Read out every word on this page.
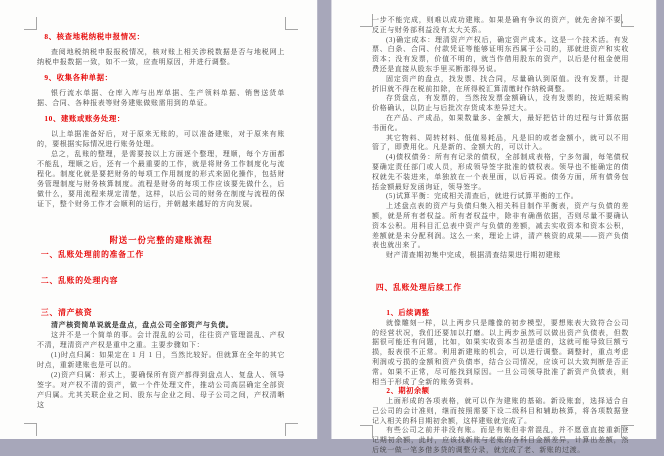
8、核查地税纳税申报情况：
查阅地税纳税申报报税情况，核对账上相关涉税数据是否与地税网上纳税申报数据一致，如不一致，应查明原因，并进行调整。
9、收集各种单据：
银行流水单据、仓库入库与出库单据、生产领料单据、销售送货单据、合同、各种报表等财务建账做账需用到的单证。
10、建账或账务处理：
以上单据准备好后，对于原来无账的，可以准备建账，对于原来有账的，要根据实际情况进行账务处理。
总之，乱账的整理，是需要按以上方面逐个整理，理顺，每个方面都不能乱，理顺之后，还有一个最重要的工作，就是将财务工作制度化与流程化。制度化就是要把财务的每项工作用制度的形式来固化操作，包括财务管理制度与财务核算制度。流程是财务的每项工作应该要先做什么，后做什么，要用流程来规定清楚，这样，以后公司的财务在制度与流程的保证下，整个财务工作才会顺利的运行，并朝越来越好的方向发展。
附送一份完整的建账流程
一、乱账处理前的准备工作
二、乱账的处理内容
三、清产核资
清产核资简单说就是盘点，盘点公司全部资产与负债。
这并不是一个简单的事。会计混乱的公司，往往资产管理混乱、产权不清，理清资产产权是重中之重。主要步骤如下：
(1)时点归属：如果定在 1 月 1 日，当然比较好。但就算在全年的其它时点，重新建账也是可以的。
(2)资产归属：形式上，要确保所有资产都得到盘点人、复盘人、领导签字。对产权不清的资产，做一个件处理文件，推动公司高层确定全部资产归属。尤其关联企业之间、股东与企业之间、母子公司之间，产权清晰这
一步不能完成，则难以成功建账。如果是确有争议的资产，就先舍掉不要，反正与财务部利益没有太大关系。
(3)确定成本：理清资产产权后，确定资产成本。这是一个技术活。有发票、白条、合同、付款凭证等能够证明东西属于公司的，那就进资产和实收资本；没有发票，价值不明的，就当作借用股东的资产，以后是付租金使用费还是直接从股东手里买断那得另说。
固定资产的盘点，找发票、找合同，尽量确认到原值。没有发票，计提折旧就不得在税前扣除，在所得税汇算清缴时作纳税调整。
存货盘点，有发票的，当然按发票金额确认，没有发票的，按近期采购价格确认，以防止与后批次存货成本差异过大。
在产品、产成品，如果数量多、金额大，最好把估计的过程与计算依据书面化。
其它物料、周转材料、低值易耗品，凡是旧的或者金额小，就可以不用管了，即费用化。凡是新的、金额大的，可以计入。
(4)债权债务：所有有记录的债权，全部制成表格，宁多勿漏，每笔债权要确定责任部门或人员，形成领导签字批准的债权表。领导也不能确定的债权就先不装进来，单独放在一个表里面，以后再说。债务方面，所有债务包括金额最好发函询证，领导签字。
(5)试算平衡：完成相关清查后，就进行试算平衡的工作。
上述盘点表的资产与负债归集入相关科目制作平衡表，资产与负债的差额，就是所有者权益。所有者权益中，除非有确凿依据，否则尽量不要确认资本公积。用科目汇总表中资产与负债的差额，减去实收资本和资本公积，差额就是未分配利润。这么一来，理论上讲，清产核资的成果——资产负债表也就出来了。
财产清查期初集中完成，根据清查结果进行期初建账
四、乱账处理后续工作
1、后续调整
就像雕刻一样，以上两步只是雕像的初步模型，要想账表大致符合公司的经营状况，我们还要加以打磨。以上两步虽然可以做出资产负债表，但数据很可能还有问题，比如，如果实收资本当初是虚的，这就可能导致巨额亏损，报表很不正常。利用新建账的机会，可以进行调整。调整时，重点考虑利润或亏损的金额和资产负债率，结合公司情况，应该可以大致判断是否正常。如果不正常，尽可能找到原因。一旦公司领导批准了新资产负债表，则相当于形成了全新的账务资料。
2、期初余额
上面形成的各项表格，就可以作为建账的基础。新设账套，选择适合自己公司的会计准则，继而按照需要下设二级科目和辅助核算，将各项数据登记入相关的科目期初余额，这样建账就完成了。
有些公司之前并非没有账。而是有账但非常混乱，并不愿意直接重新登记期初余额，此时，应该找新账与老账的各科目金额差异，计算出差额，然后统一做一笔多借多贷的调整分录，就完成了老、新账的过渡。
